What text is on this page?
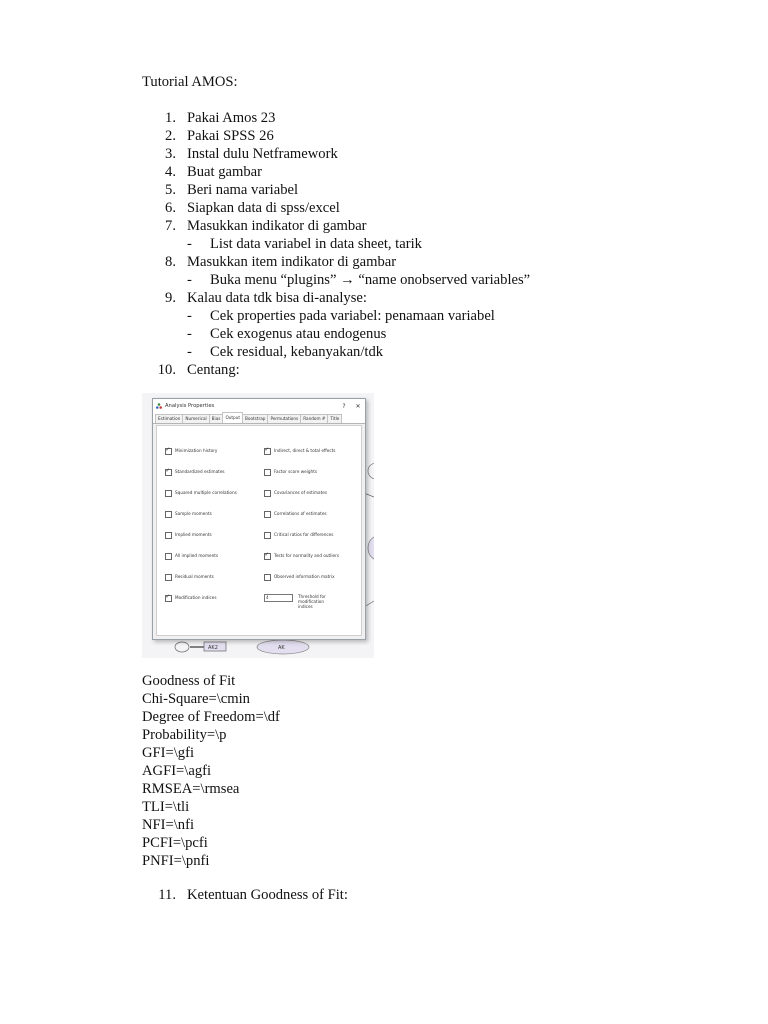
Tutorial AMOS:
1. Pakai Amos 23
2. Pakai SPSS 26
3. Instal dulu Netframework
4. Buat gambar
5. Beri nama variabel
6. Siapkan data di spss/excel
7. Masukkan indikator di gambar
- List data variabel in data sheet, tarik
8. Masukkan item indikator di gambar
- Buka menu “plugins” → “name onobserved variables”
9. Kalau data tdk bisa di-analyse:
- Cek properties pada variabel: penamaan variabel
- Cek exogenus atau endogenus
- Cek residual, kebanyakan/tdk
10. Centang:
AK2	AK
Analysis Properties	?	✕
Estimation	Numerical	Bias	Output	Bootstrap	Permutations	Random #	Title
✓
Minimization history
✓
Standardized estimates
Squared multiple correlations
Sample moments
Implied moments
All implied moments
Residual moments
✓
Modification indices
✓
Indirect, direct & total effects
Factor score weights
Covariances of estimates
Correlations of estimates
Critical ratios for differences
✓
Tests for normality and outliers
Observed information matrix
4	Threshold for modification indices
Goodness of Fit
Chi-Square=\cmin
Degree of Freedom=\df
Probability=\p
GFI=\gfi
AGFI=\agfi
RMSEA=\rmsea
TLI=\tli
NFI=\nfi
PCFI=\pcfi
PNFI=\pnfi
11. Ketentuan Goodness of Fit:
